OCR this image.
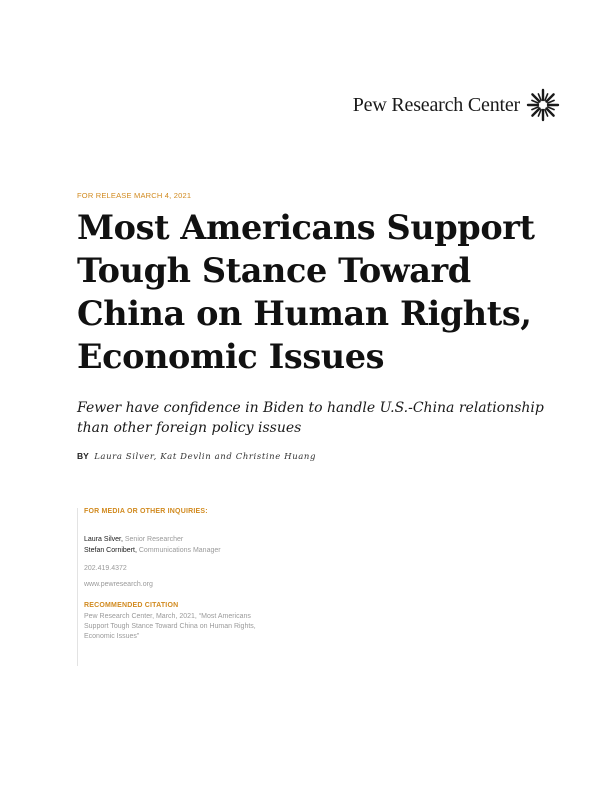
Pew Research Center
FOR RELEASE MARCH 4, 2021
Most Americans Support Tough Stance Toward China on Human Rights, Economic Issues

Fewer have confidence in Biden to handle U.S.-China relationship than other foreign policy issues

BY Laura Silver, Kat Devlin and Christine Huang
FOR MEDIA OR OTHER INQUIRIES:
Laura Silver, Senior Researcher
Stefan Cornibert, Communications Manager
202.419.4372
www.pewresearch.org
RECOMMENDED CITATION
Pew Research Center, March, 2021, “Most Americans Support Tough Stance Toward China on Human Rights, Economic Issues”
